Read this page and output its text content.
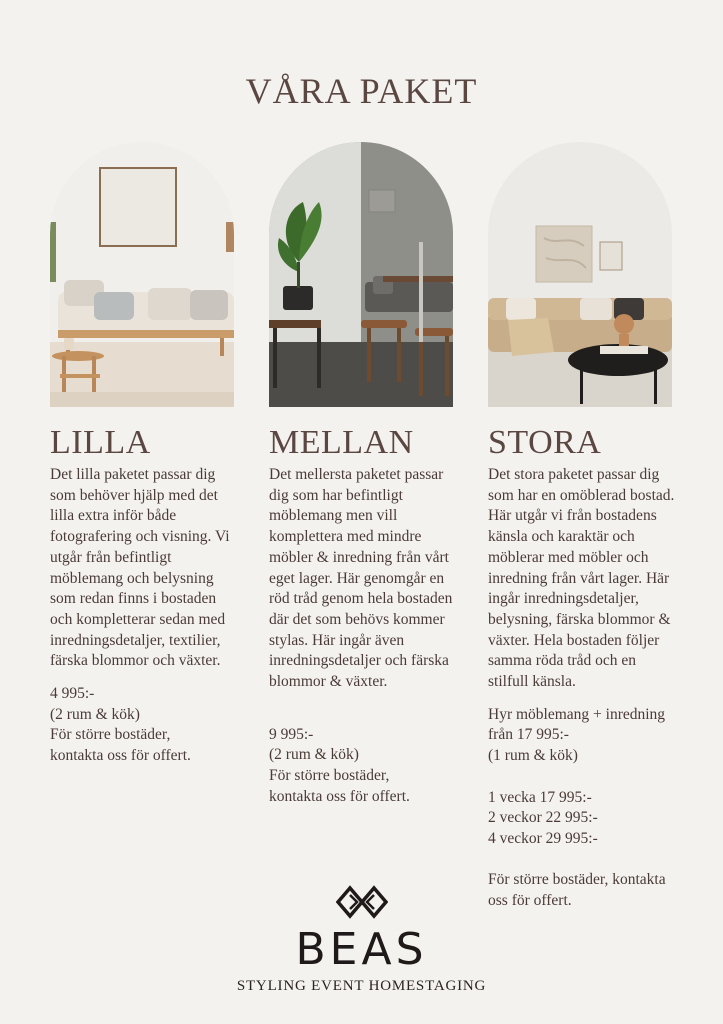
VÅRA PAKET
LILLA
Det lilla paketet passar dig som behöver hjälp med det lilla extra inför både fotografering och visning. Vi utgår från befintligt möblemang och belysning som redan finns i bostaden och kompletterar sedan med inredningsdetaljer, textilier, färska blommor och växter.
4 995:-
(2 rum & kök)
För större bostäder,
kontakta oss för offert.
MELLAN
Det mellersta paketet passar dig som har befintligt möblemang men vill komplettera med mindre möbler & inredning från vårt eget lager. Här genomgår en röd tråd genom hela bostaden där det som behövs kommer stylas. Här ingår även inredningsdetaljer och färska blommor & växter.
9 995:-
(2 rum & kök)
För större bostäder,
kontakta oss för offert.
STORA
Det stora paketet passar dig som har en omöblerad bostad. Här utgår vi från bostadens känsla och karaktär och möblerar med möbler och inredning från vårt lager. Här ingår inredningsdetaljer, belysning, färska blommor & växter. Hela bostaden följer samma röda tråd och en stilfull känsla.
Hyr möblemang + inredning
från 17 995:-
(1 rum & kök)

1 vecka 17 995:-
2 veckor 22 995:-
4 veckor 29 995:-

För större bostäder, kontakta oss för offert.
BEAS
STYLING EVENT HOMESTAGING
